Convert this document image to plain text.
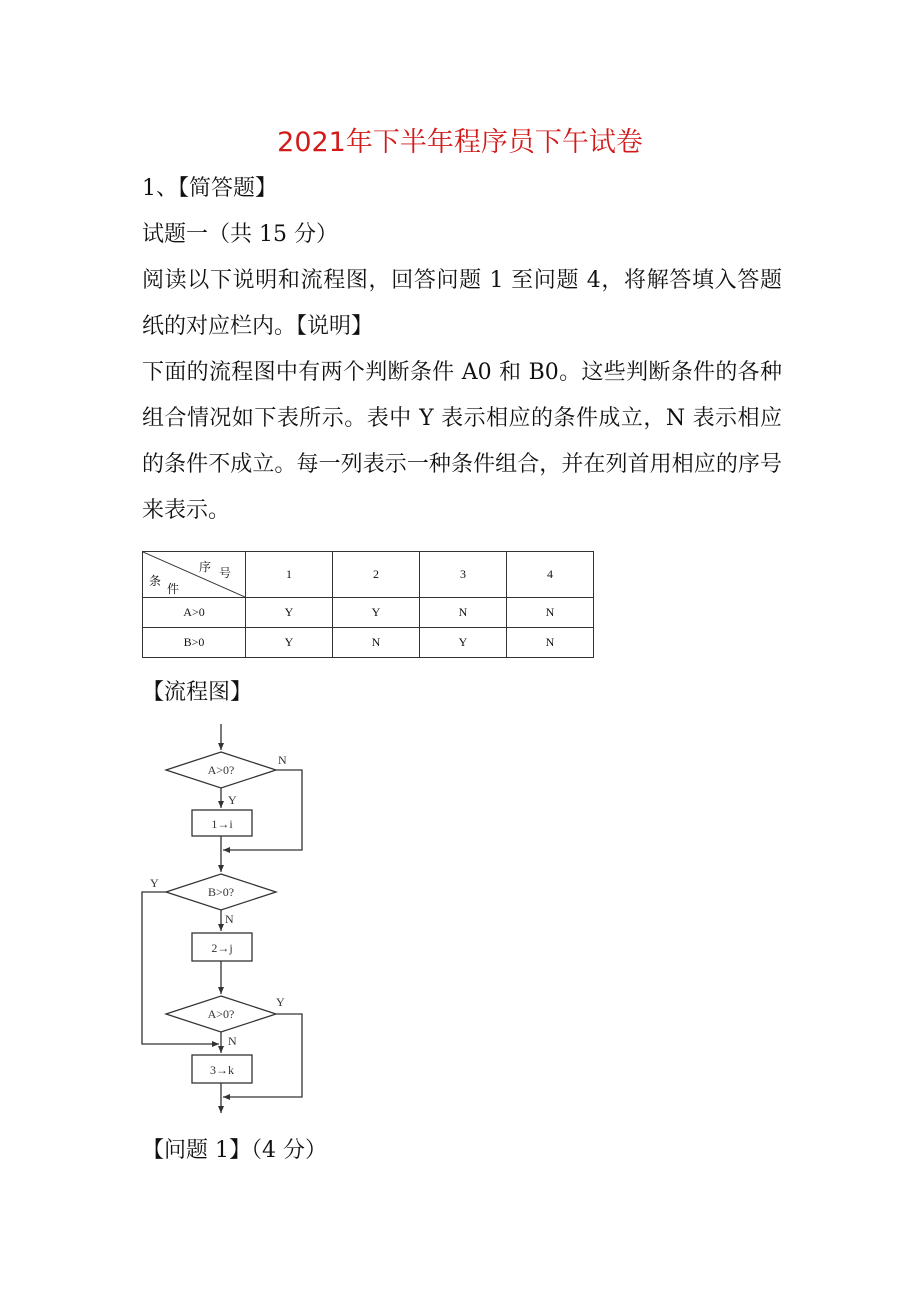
2021年下半年程序员下午试卷

1、【简答题】

试题一（共 15 分）

阅读以下说明和流程图，回答问题 1 至问题 4，将解答填入答题纸的对应栏内。【说明】

下面的流程图中有两个判断条件 A0 和 B0。这些判断条件的各种组合情况如下表所示。表中 Y 表示相应的条件成立，N 表示相应的条件不成立。每一列表示一种条件组合，并在列首用相应的序号来表示。

序 号
条
件	1	2	3	4
A>0	Y	Y	N	N
B>0	Y	N	Y	N

【流程图】

A>0?
Y
N
1→i
B>0?
Y
N
2→j
A>0?
Y
N
3→k

【问题 1】（4 分）
